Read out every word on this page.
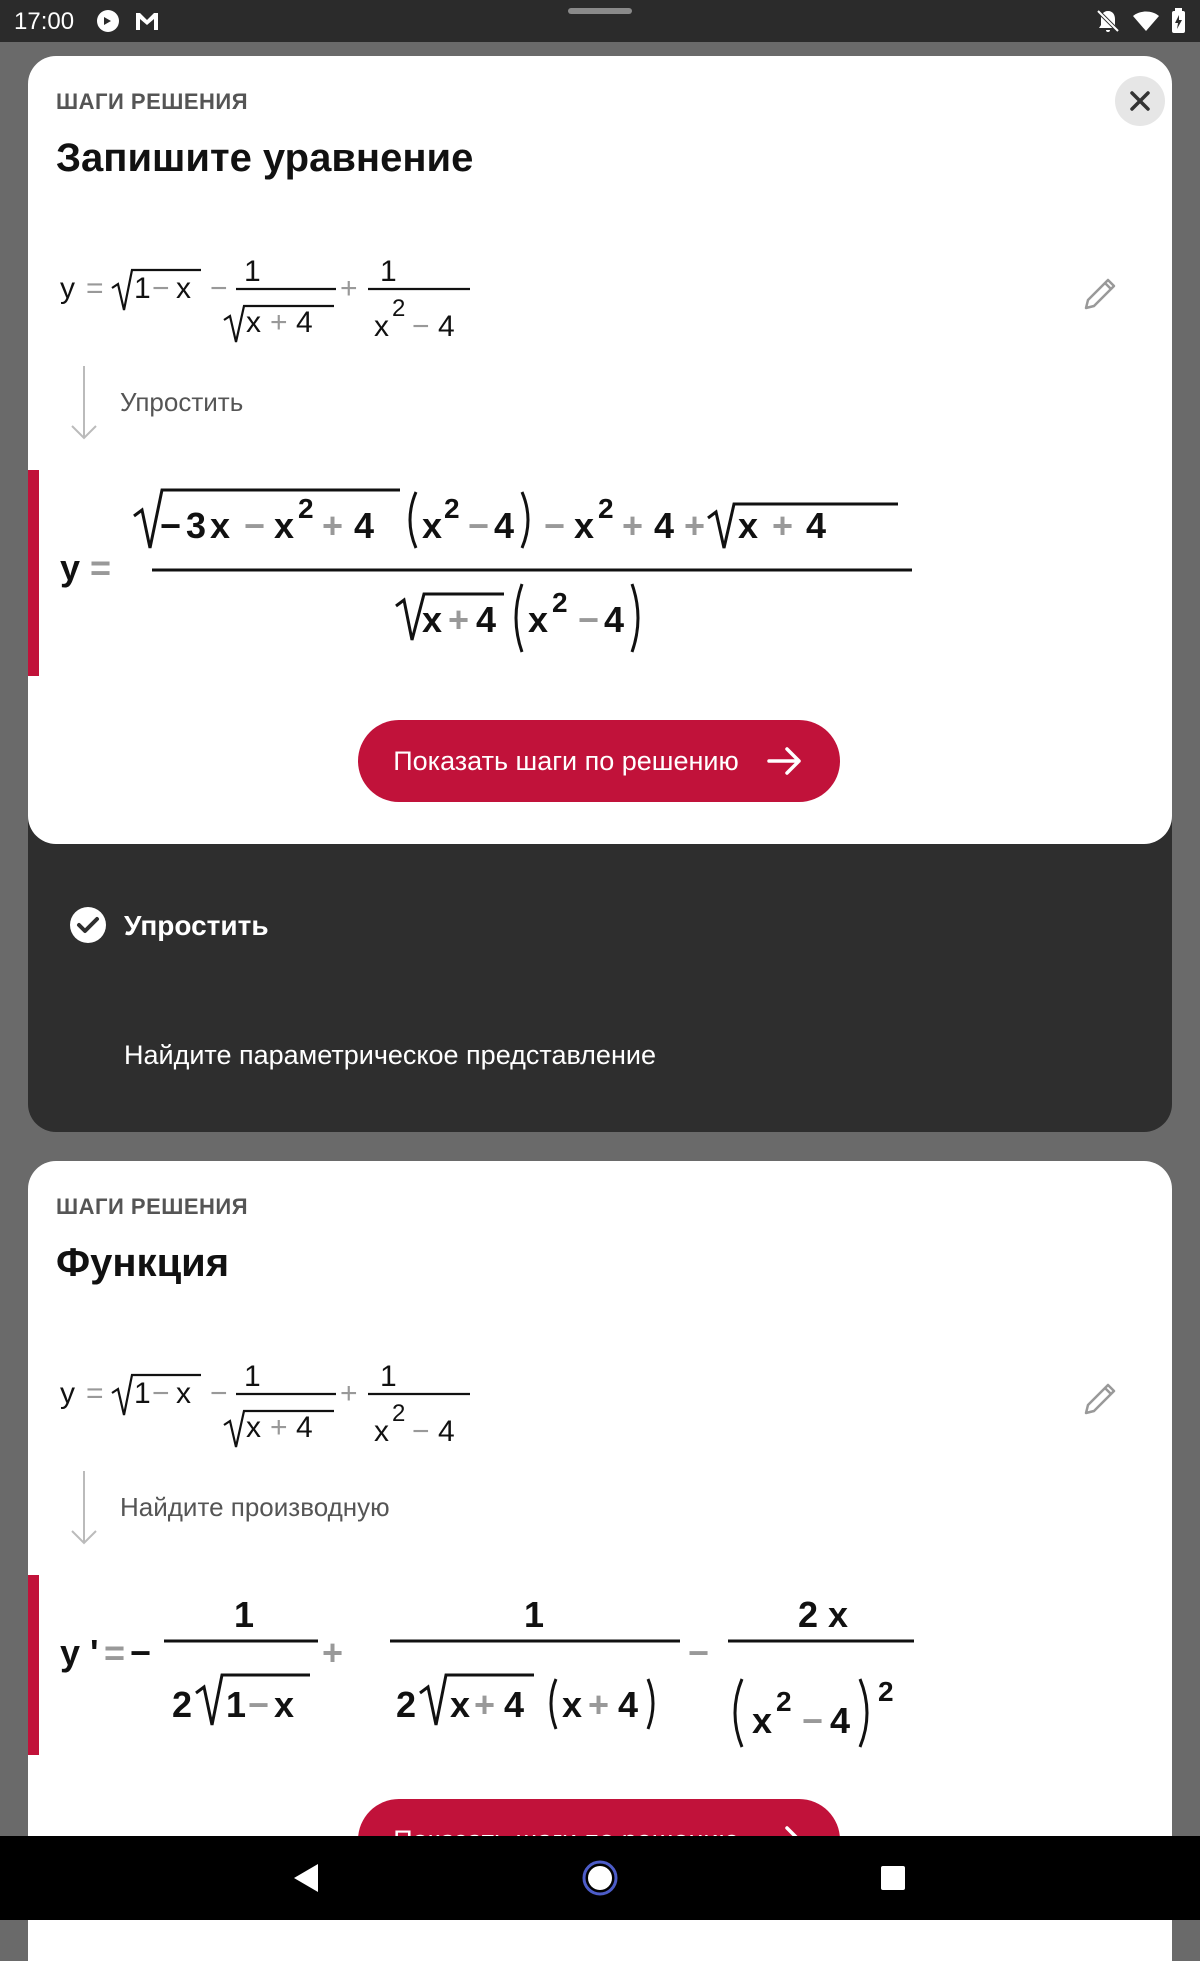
17:00
Упростить
Найдите параметрическое представление
ШАГИ РЕШЕНИЯ
Запишите уравнение
y = 1 − x −
1
x + 4
+
1
x
2
− 4
Упростить
y =
− 3 x − x 2 + 4 x 2 − 4 − x 2 + 4 + x + 4
x + 4 x 2 − 4
Показать шаги по решению
ШАГИ РЕШЕНИЯ
Функция
y = 1 − x −
1
x + 4
+
1
x
2
− 4
Найдите производную
y ' = −
1
2 1 − x
+
1
2 x + 4 x + 4
−
2 x
x 2 − 4
2
